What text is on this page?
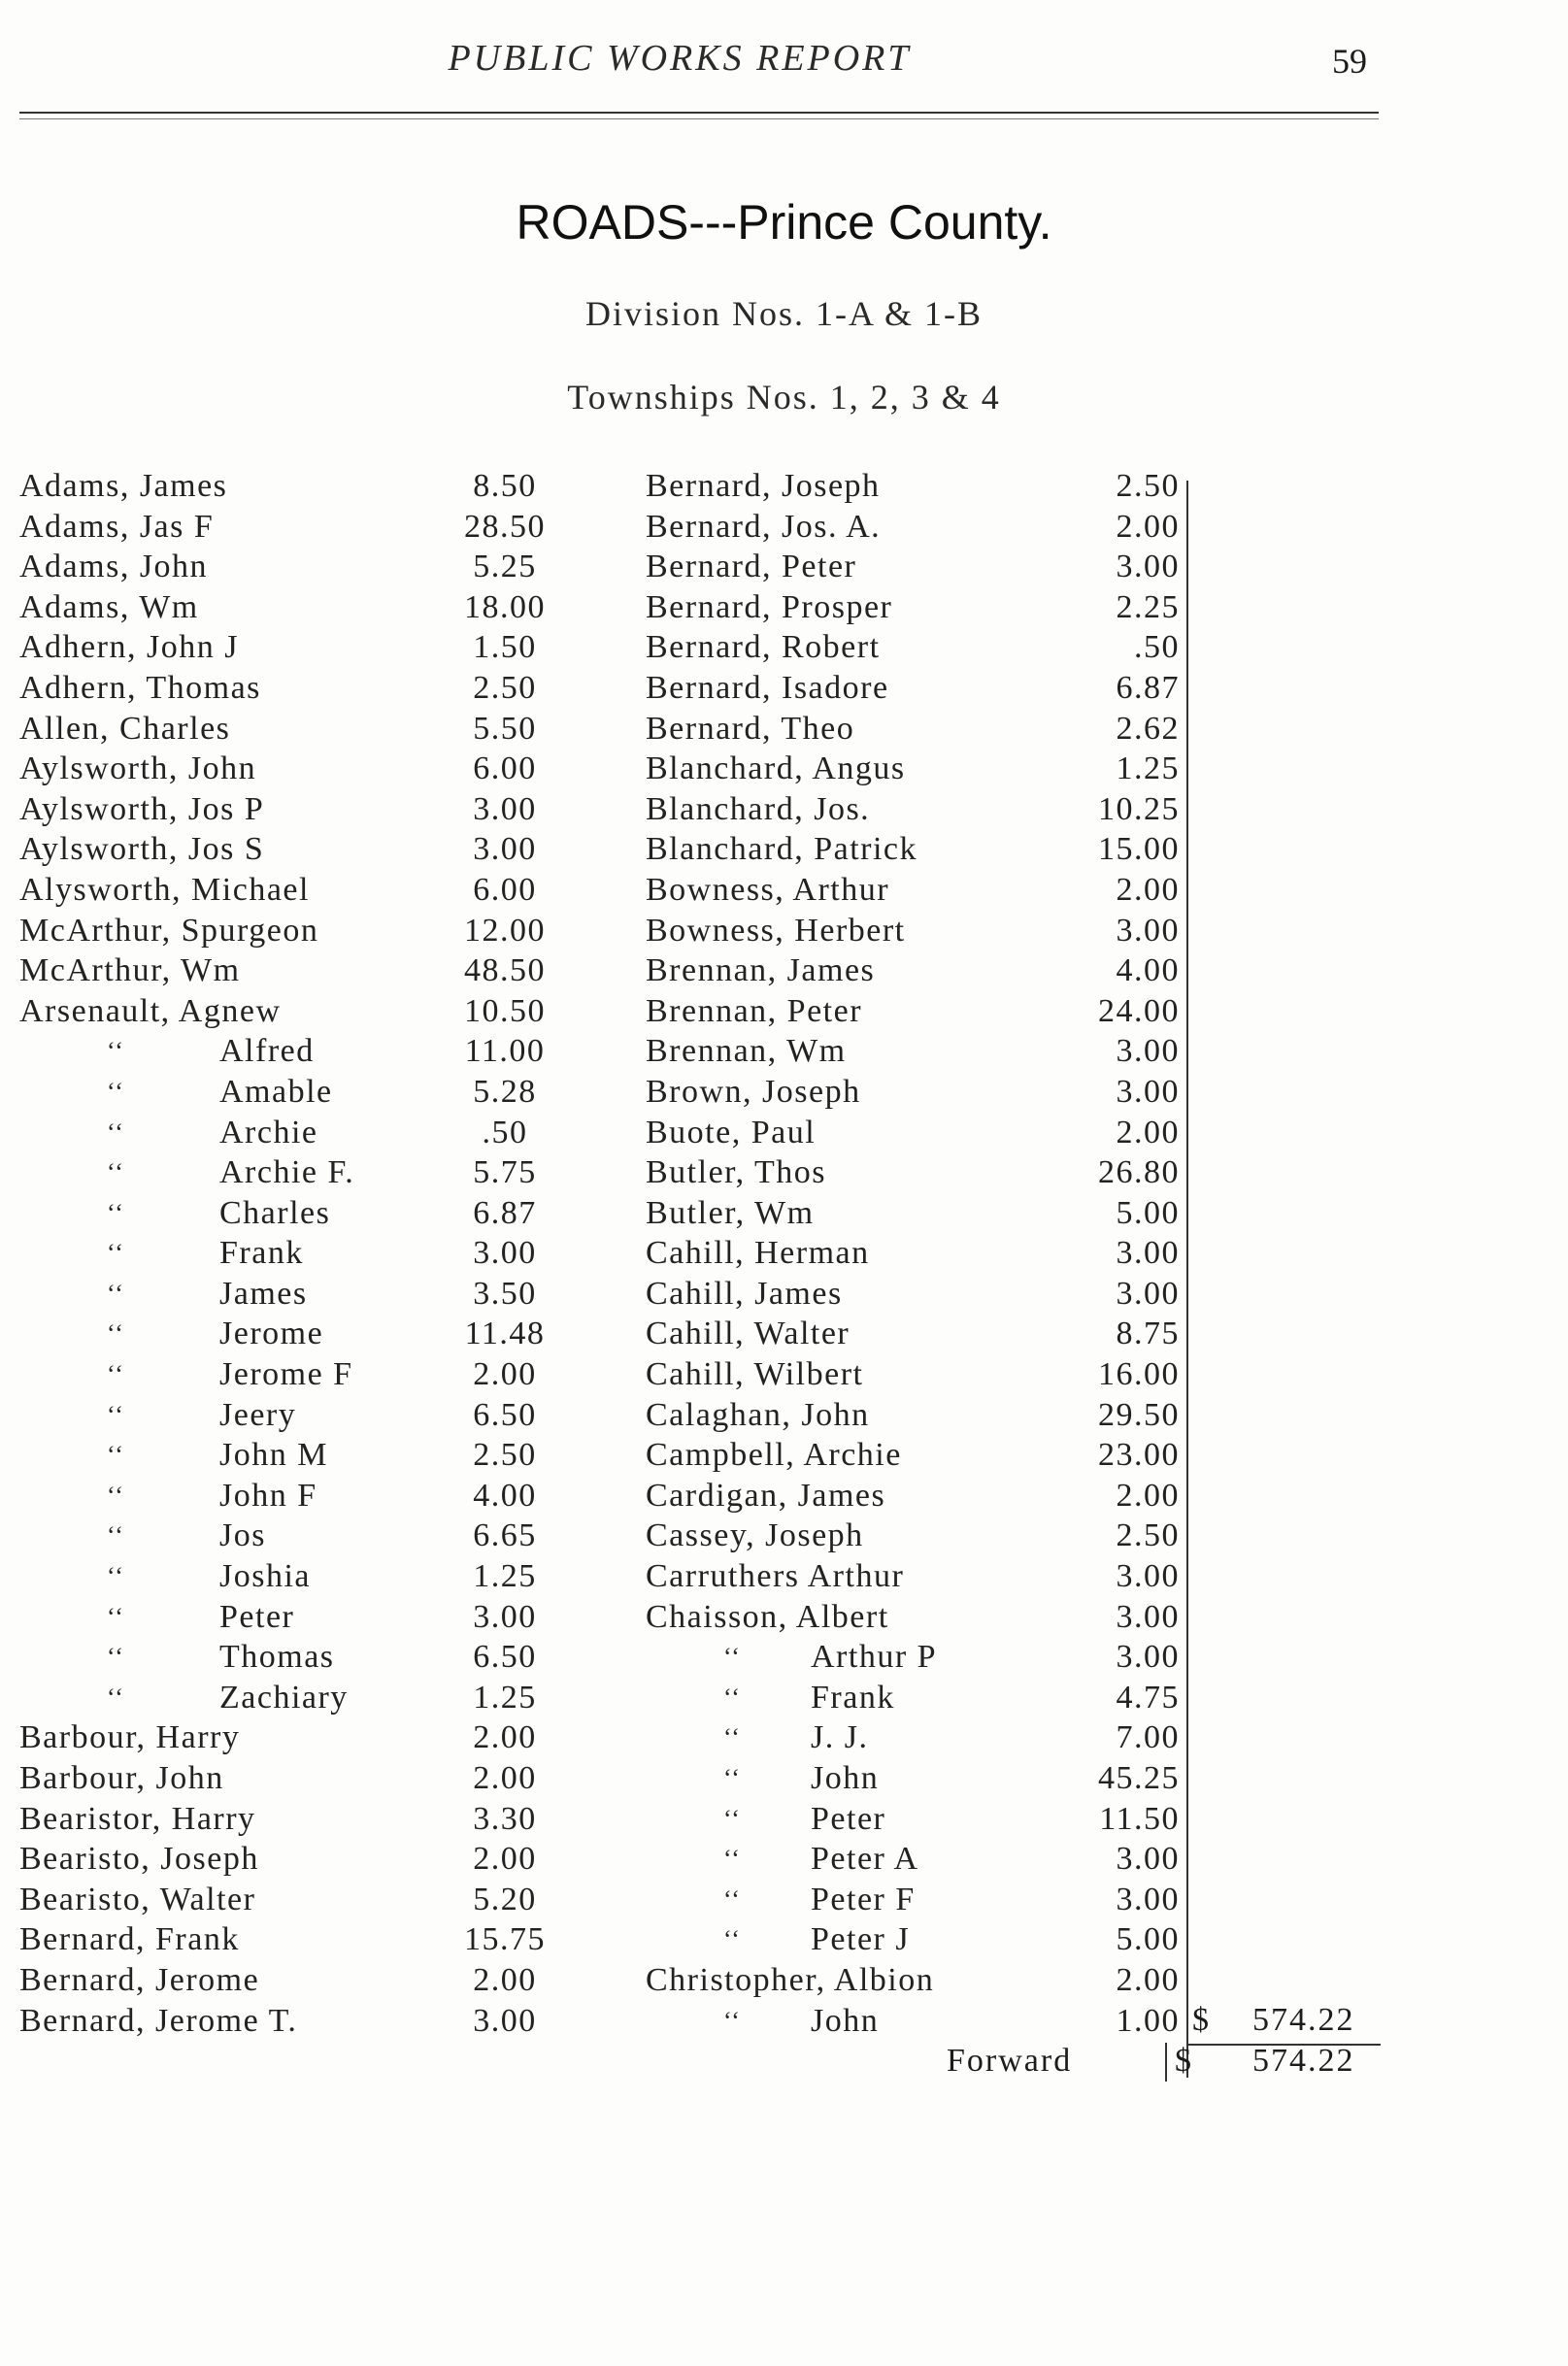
PUBLIC WORKS REPORT	59
ROADS---Prince County.
Division Nos. 1-A & 1-B
Townships Nos. 1, 2, 3 & 4
Adams, James	8.50
Adams, Jas F	28.50
Adams, John	5.25
Adams, Wm	18.00
Adhern, John J	1.50
Adhern, Thomas	2.50
Allen, Charles	5.50
Aylsworth, John	6.00
Aylsworth, Jos P	3.00
Aylsworth, Jos S	3.00
Alysworth, Michael	6.00
McArthur, Spurgeon	12.00
McArthur, Wm	48.50
Arsenault, Agnew	10.50
‘‘	Alfred	11.00
‘‘	Amable	5.28
‘‘	Archie	.50
‘‘	Archie F.	5.75
‘‘	Charles	6.87
‘‘	Frank	3.00
‘‘	James	3.50
‘‘	Jerome	11.48
‘‘	Jerome F	2.00
‘‘	Jeery	6.50
‘‘	John M	2.50
‘‘	John F	4.00
‘‘	Jos	6.65
‘‘	Joshia	1.25
‘‘	Peter	3.00
‘‘	Thomas	6.50
‘‘	Zachiary	1.25
Barbour, Harry	2.00
Barbour, John	2.00
Bearistor, Harry	3.30
Bearisto, Joseph	2.00
Bearisto, Walter	5.20
Bernard, Frank	15.75
Bernard, Jerome	2.00
Bernard, Jerome T.	3.00
Bernard, Joseph	2.50
Bernard, Jos. A.	2.00
Bernard, Peter	3.00
Bernard, Prosper	2.25
Bernard, Robert	.50
Bernard, Isadore	6.87
Bernard, Theo	2.62
Blanchard, Angus	1.25
Blanchard, Jos.	10.25
Blanchard, Patrick	15.00
Bowness, Arthur	2.00
Bowness, Herbert	3.00
Brennan, James	4.00
Brennan, Peter	24.00
Brennan, Wm	3.00
Brown, Joseph	3.00
Buote, Paul	2.00
Butler, Thos	26.80
Butler, Wm	5.00
Cahill, Herman	3.00
Cahill, James	3.00
Cahill, Walter	8.75
Cahill, Wilbert	16.00
Calaghan, John	29.50
Campbell, Archie	23.00
Cardigan, James	2.00
Cassey, Joseph	2.50
Carruthers Arthur	3.00
Chaisson, Albert	3.00
‘‘ Arthur P	3.00
‘‘ Frank	4.75
‘‘ J. J.	7.00
‘‘ John	45.25
‘‘ Peter	11.50
‘‘ Peter A	3.00
‘‘ Peter F	3.00
‘‘ Peter J	5.00
Christopher, Albion	2.00
‘‘ John	1.00 $ 574.22
Forward	$ 574.22
